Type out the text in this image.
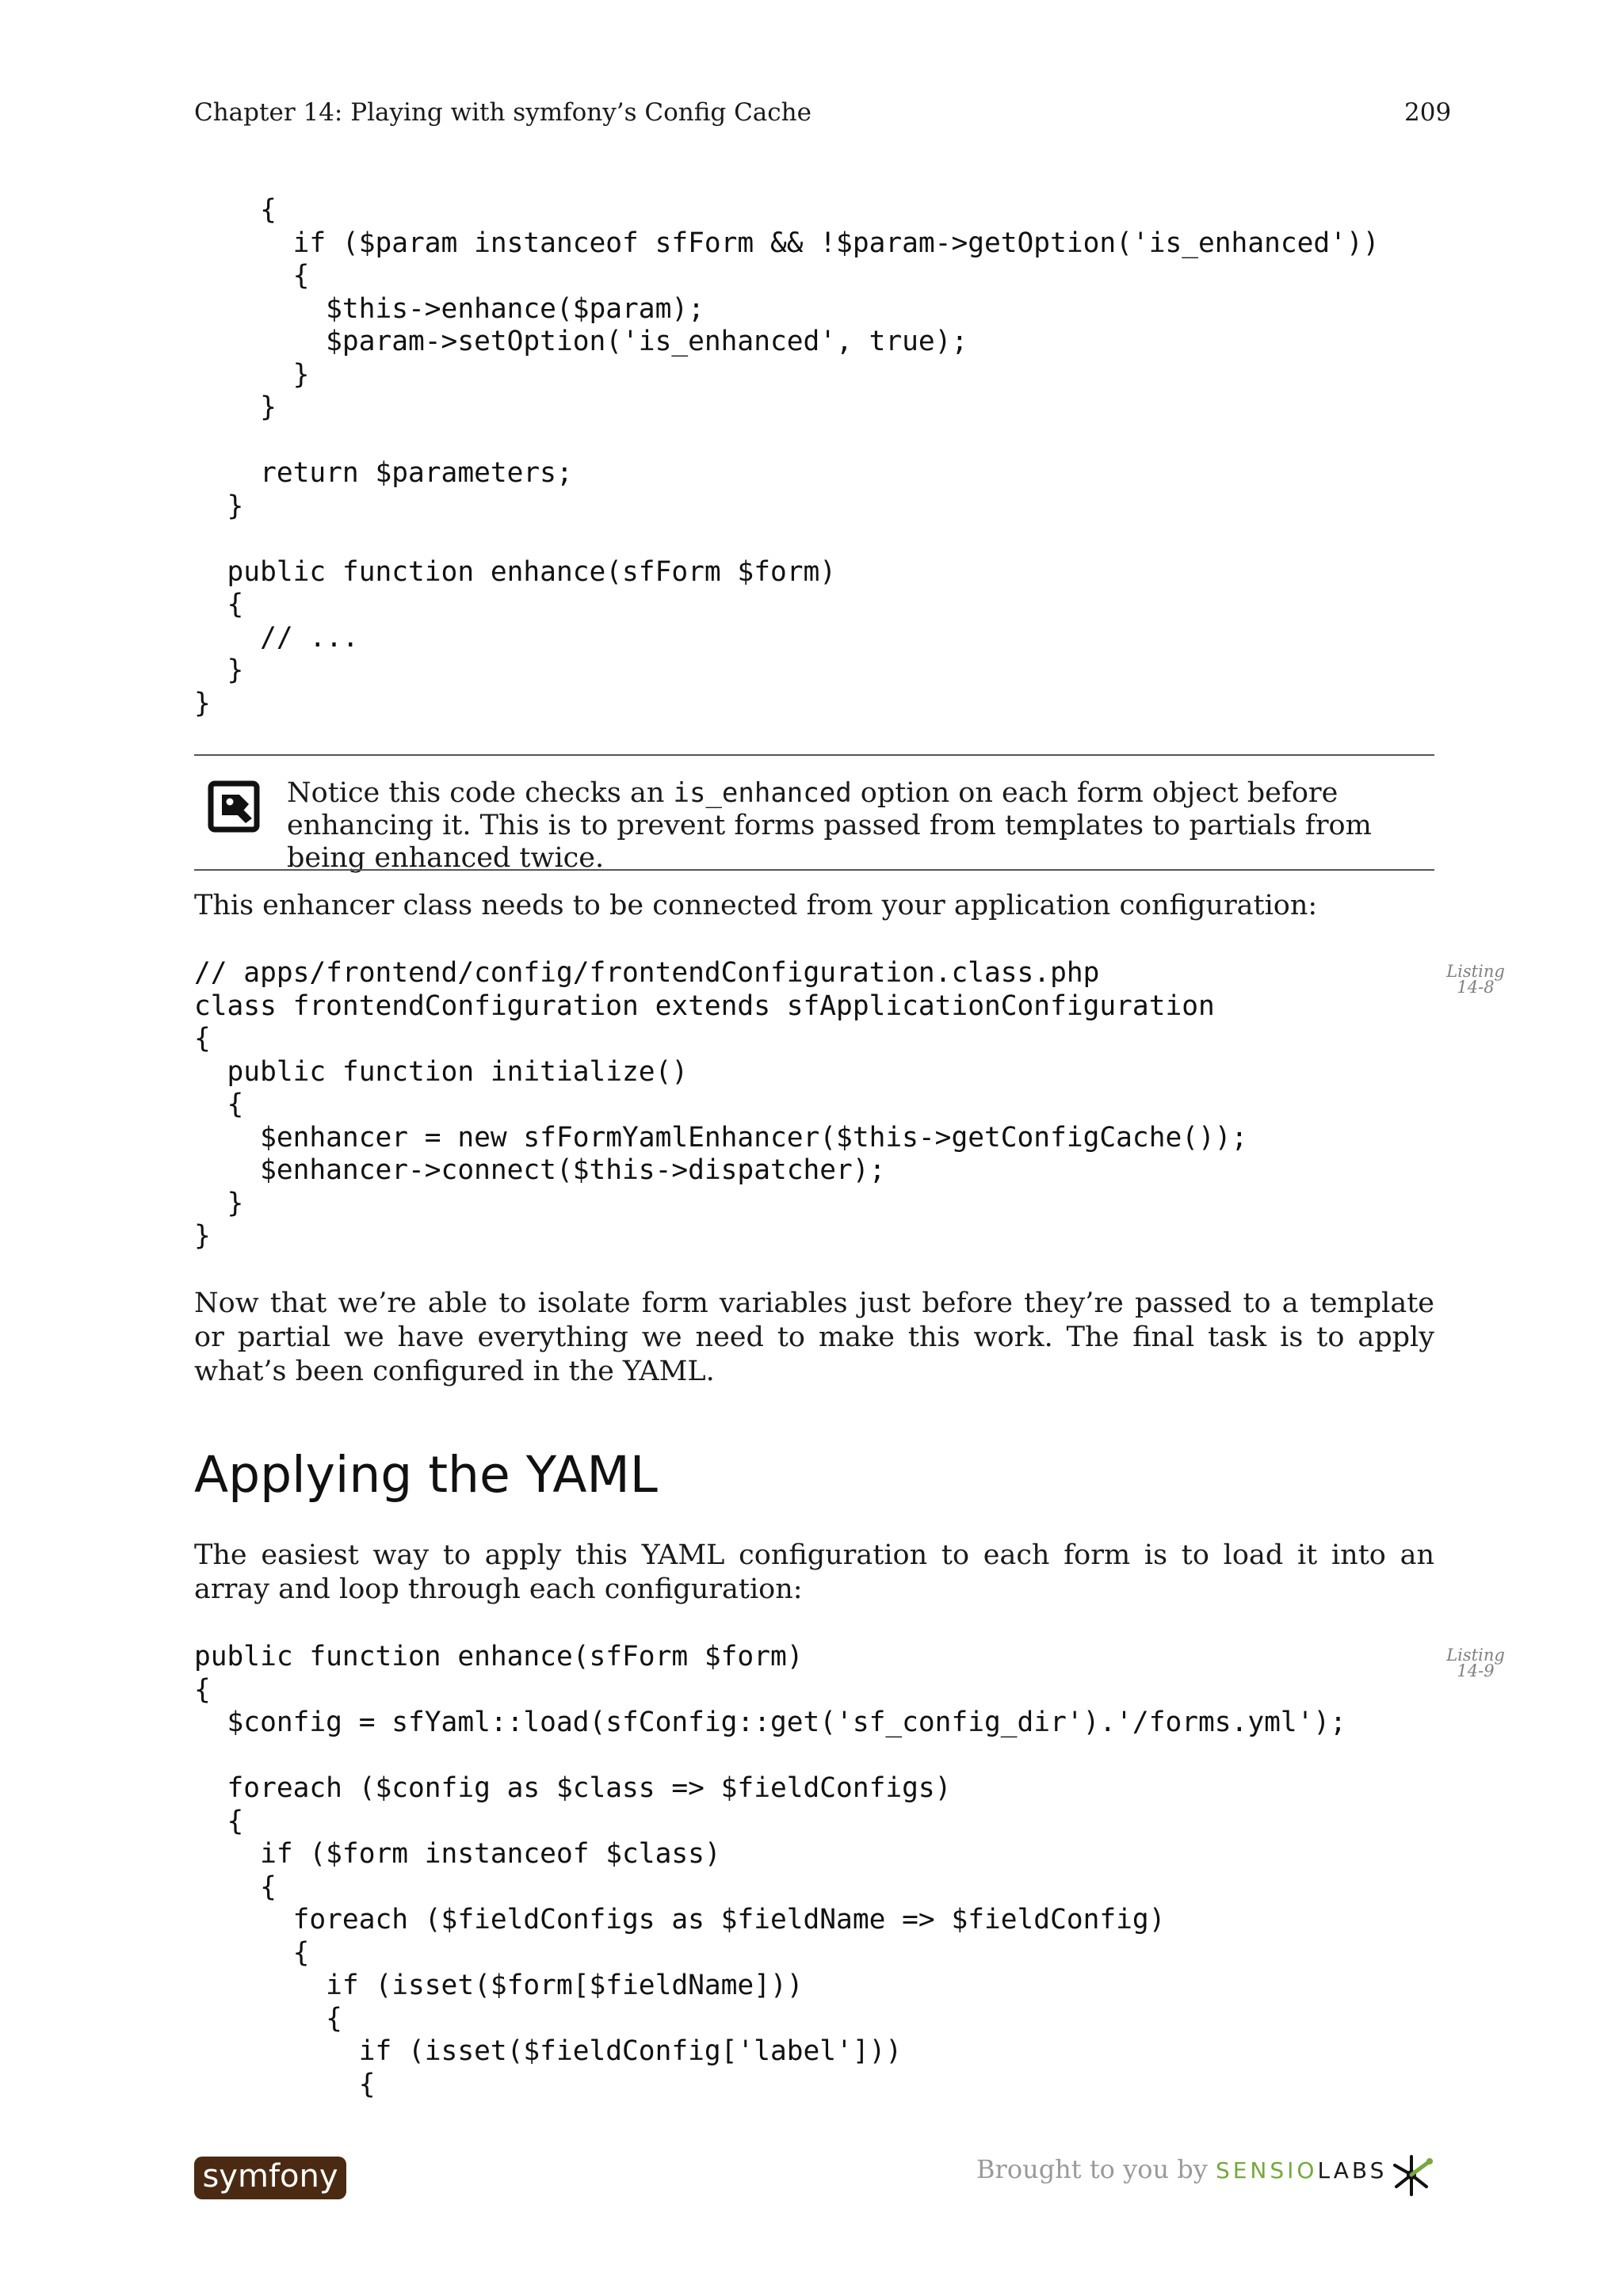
Chapter 14: Playing with symfony’s Config Cache	209
{
if ($param instanceof sfForm && !$param->getOption('is_enhanced'))
{
$this->enhance($param);
$param->setOption('is_enhanced', true);
}
}

return $parameters;
}

public function enhance(sfForm $form)
{
// ...
}
}

Notice this code checks an is_enhanced option on each form object before enhancing it. This is to prevent forms passed from templates to partials from being enhanced twice.

This enhancer class needs to be connected from your application configuration:

Listing
14-8
// apps/frontend/config/frontendConfiguration.class.php
class frontendConfiguration extends sfApplicationConfiguration
{
public function initialize()
{
$enhancer = new sfFormYamlEnhancer($this->getConfigCache());
$enhancer->connect($this->dispatcher);
}
}

Now that we’re able to isolate form variables just before they’re passed to a template or partial we have everything we need to make this work. The final task is to apply what’s been configured in the YAML.

Applying the YAML

The easiest way to apply this YAML configuration to each form is to load it into an array and loop through each configuration:

Listing
14-9
public function enhance(sfForm $form)
{
$config = sfYaml::load(sfConfig::get('sf_config_dir').'/forms.yml');

foreach ($config as $class => $fieldConfigs)
{
if ($form instanceof $class)
{
foreach ($fieldConfigs as $fieldName => $fieldConfig)
{
if (isset($form[$fieldName]))
{
if (isset($fieldConfig['label']))
{
symfony	Brought to you by SENSIOLABS
